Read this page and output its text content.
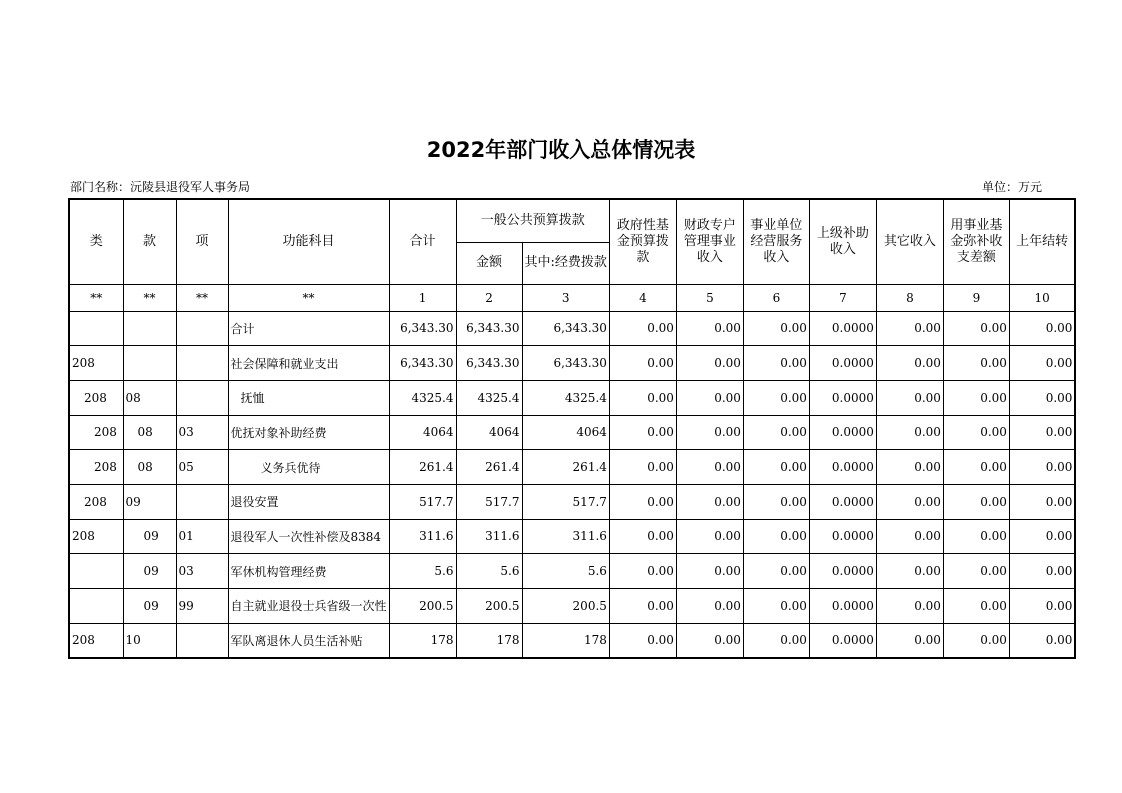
2022年部门收入总体情况表
部门名称：沅陵县退役军人事务局	单位：万元
类	款	项	功能科目	合计	一般公共预算拨款		政府性基金预算拨款	财政专户管理事业收入	事业单位经营服务收入	上级补助收入	其它收入	用事业基金弥补收支差额	上年结转
					金额	其中:经费拨款							
**	**	**	**	1	2	3	4	5	6	7	8	9	10
			合计	6,343.30	6,343.30	6,343.30	0.00	0.00	0.00	0.0000	0.00	0.00	0.00
208			社会保障和就业支出	6,343.30	6,343.30	6,343.30	0.00	0.00	0.00	0.0000	0.00	0.00	0.00
208	08		抚恤	4325.4	4325.4	4325.4	0.00	0.00	0.00	0.0000	0.00	0.00	0.00
208	08	03	优抚对象补助经费	4064	4064	4064	0.00	0.00	0.00	0.0000	0.00	0.00	0.00
208	08	05	义务兵优待	261.4	261.4	261.4	0.00	0.00	0.00	0.0000	0.00	0.00	0.00
208	09		退役安置	517.7	517.7	517.7	0.00	0.00	0.00	0.0000	0.00	0.00	0.00
208	09	01	退役军人一次性补偿及8384	311.6	311.6	311.6	0.00	0.00	0.00	0.0000	0.00	0.00	0.00
	09	03	军休机构管理经费	5.6	5.6	5.6	0.00	0.00	0.00	0.0000	0.00	0.00	0.00
	09	99	自主就业退役士兵省级一次性	200.5	200.5	200.5	0.00	0.00	0.00	0.0000	0.00	0.00	0.00
208	10		军队离退休人员生活补贴	178	178	178	0.00	0.00	0.00	0.0000	0.00	0.00	0.00
